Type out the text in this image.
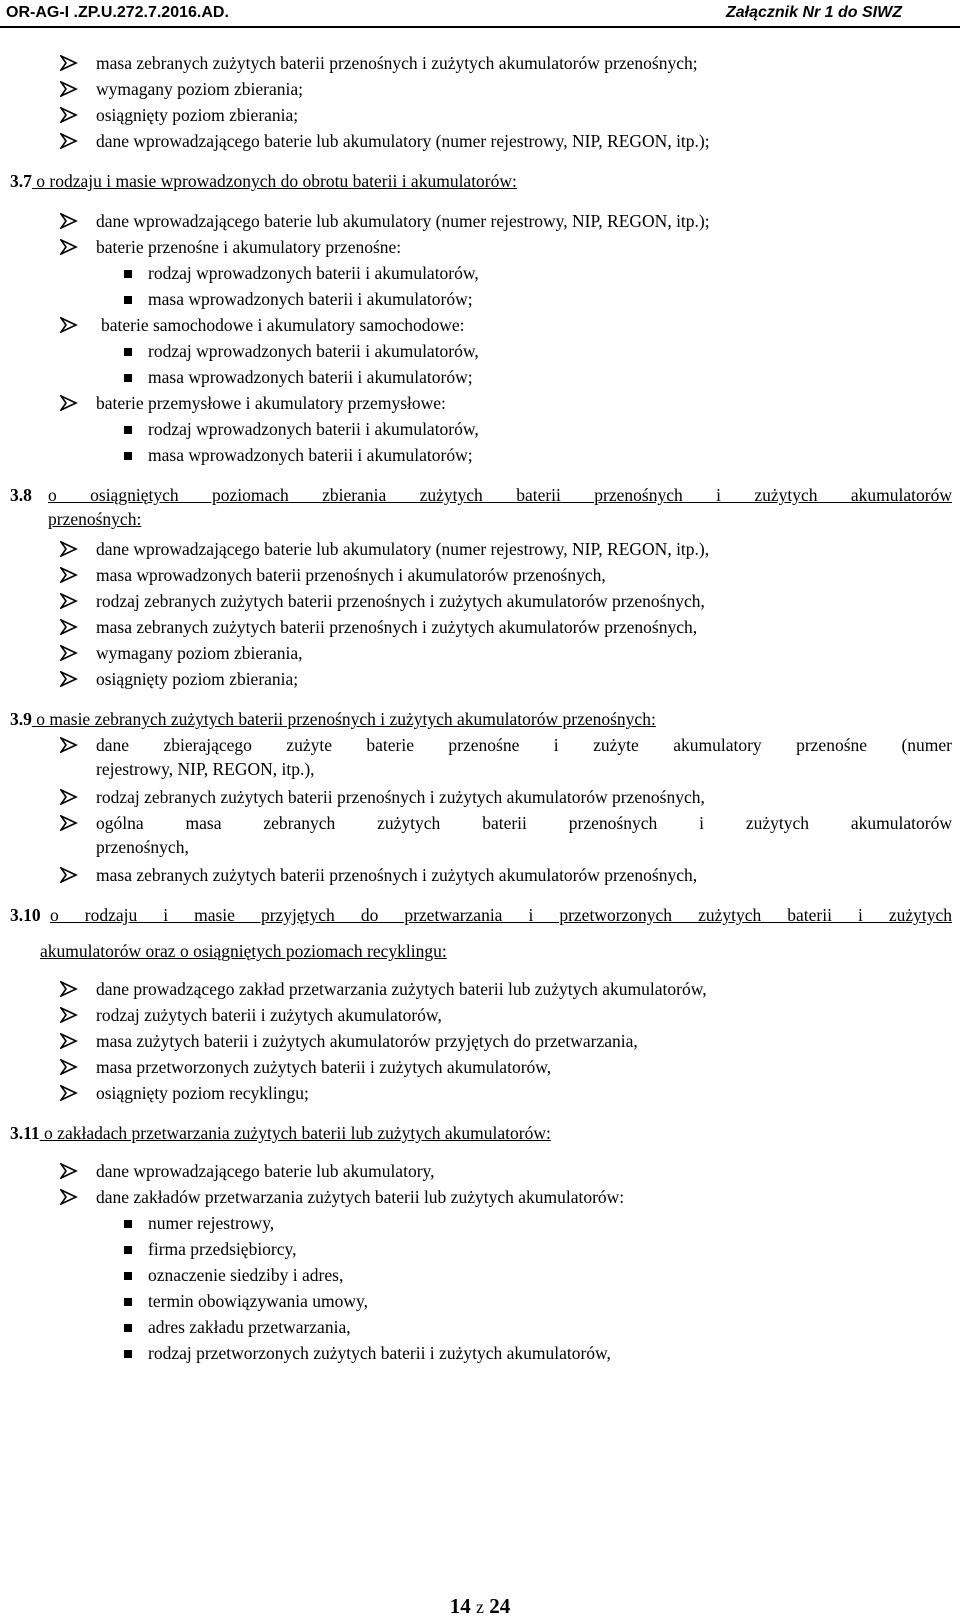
OR-AG-I .ZP.U.272.7.2016.AD.	Załącznik Nr 1 do SIWZ
masa zebranych zużytych baterii przenośnych i zużytych akumulatorów przenośnych;
wymagany poziom zbierania;
osiągnięty poziom zbierania;
dane wprowadzającego baterie lub akumulatory (numer rejestrowy, NIP, REGON, itp.);
3.7 o rodzaju i masie wprowadzonych do obrotu baterii i akumulatorów:
dane wprowadzającego baterie lub akumulatory (numer rejestrowy, NIP, REGON, itp.);
baterie przenośne i akumulatory przenośne:
rodzaj wprowadzonych baterii i akumulatorów,
masa wprowadzonych baterii i akumulatorów;
baterie samochodowe i akumulatory samochodowe:
rodzaj wprowadzonych baterii i akumulatorów,
masa wprowadzonych baterii i akumulatorów;
baterie przemysłowe i akumulatory przemysłowe:
rodzaj wprowadzonych baterii i akumulatorów,
masa wprowadzonych baterii i akumulatorów;
3.8 o osiągniętych poziomach zbierania zużytych baterii przenośnych i zużytych akumulatorów
przenośnych:
dane wprowadzającego baterie lub akumulatory (numer rejestrowy, NIP, REGON, itp.),
masa wprowadzonych baterii przenośnych i akumulatorów przenośnych,
rodzaj zebranych zużytych baterii przenośnych i zużytych akumulatorów przenośnych,
masa zebranych zużytych baterii przenośnych i zużytych akumulatorów przenośnych,
wymagany poziom zbierania,
osiągnięty poziom zbierania;
3.9 o masie zebranych zużytych baterii przenośnych i zużytych akumulatorów przenośnych:
dane zbierającego zużyte baterie przenośne i zużyte akumulatory przenośne (numer
rejestrowy, NIP, REGON, itp.),
rodzaj zebranych zużytych baterii przenośnych i zużytych akumulatorów przenośnych,
ogólna masa zebranych zużytych baterii przenośnych i zużytych akumulatorów
przenośnych,
masa zebranych zużytych baterii przenośnych i zużytych akumulatorów przenośnych,
3.10 o rodzaju i masie przyjętych do przetwarzania i przetworzonych zużytych baterii i zużytych
akumulatorów oraz o osiągniętych poziomach recyklingu:
dane prowadzącego zakład przetwarzania zużytych baterii lub zużytych akumulatorów,
rodzaj zużytych baterii i zużytych akumulatorów,
masa zużytych baterii i zużytych akumulatorów przyjętych do przetwarzania,
masa przetworzonych zużytych baterii i zużytych akumulatorów,
osiągnięty poziom recyklingu;
3.11 o zakładach przetwarzania zużytych baterii lub zużytych akumulatorów:
dane wprowadzającego baterie lub akumulatory,
dane zakładów przetwarzania zużytych baterii lub zużytych akumulatorów:
numer rejestrowy,
firma przedsiębiorcy,
oznaczenie siedziby i adres,
termin obowiązywania umowy,
adres zakładu przetwarzania,
rodzaj przetworzonych zużytych baterii i zużytych akumulatorów,
14 z 24
